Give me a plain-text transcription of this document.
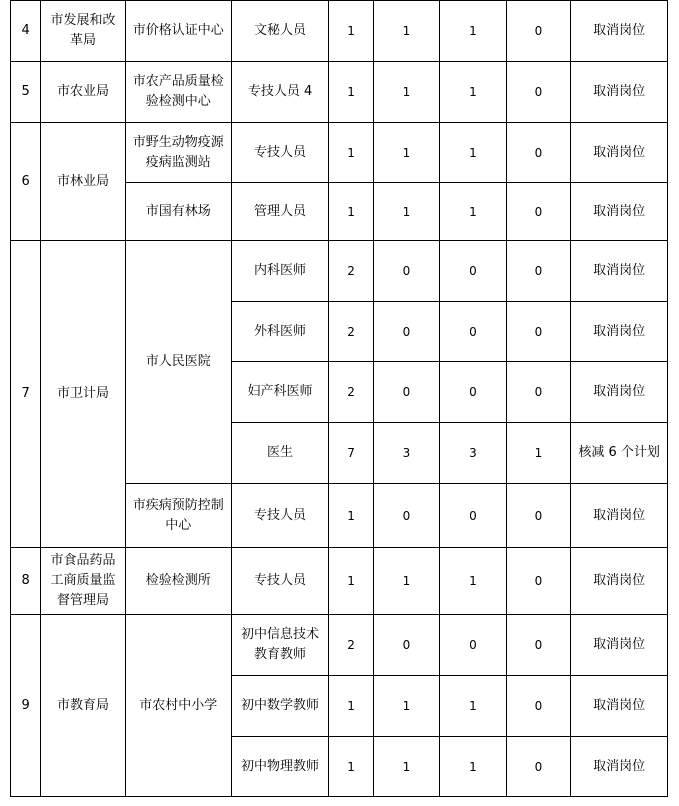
4	市发展和改革局	市价格认证中心	文秘人员	1	1	1	0	取消岗位
5	市农业局	市农产品质量检验检测中心	专技人员 4	1	1	1	0	取消岗位
6	市林业局	市野生动物疫源疫病监测站	专技人员	1	1	1	0	取消岗位
		市国有林场	管理人员	1	1	1	0	取消岗位
7	市卫计局	市人民医院	内科医师	2	0	0	0	取消岗位
			外科医师	2	0	0	0	取消岗位
			妇产科医师	2	0	0	0	取消岗位
			医生	7	3	3	1	核减 6 个计划
		市疾病预防控制中心	专技人员	1	0	0	0	取消岗位
8	市食品药品工商质量监督管理局	检验检测所	专技人员	1	1	1	0	取消岗位
9	市教育局	市农村中小学	初中信息技术教育教师	2	0	0	0	取消岗位
			初中数学教师	1	1	1	0	取消岗位
			初中物理教师	1	1	1	0	取消岗位
